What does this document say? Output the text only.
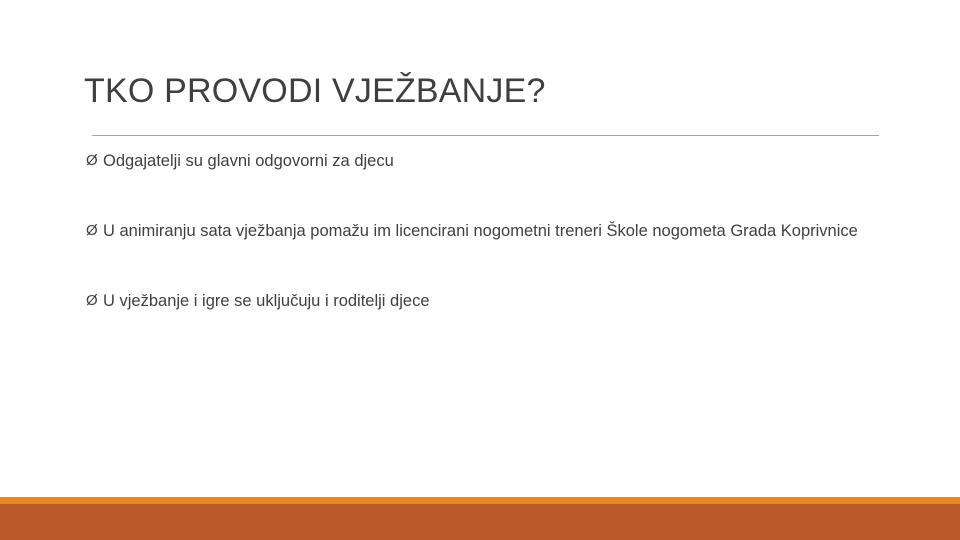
TKO PROVODI VJEŽBANJE?
Ø Odgajatelji su glavni odgovorni za djecu
Ø U animiranju sata vježbanja pomažu im licencirani nogometni treneri Škole nogometa Grada Koprivnice
Ø U vježbanje i igre se uključuju i roditelji djece
